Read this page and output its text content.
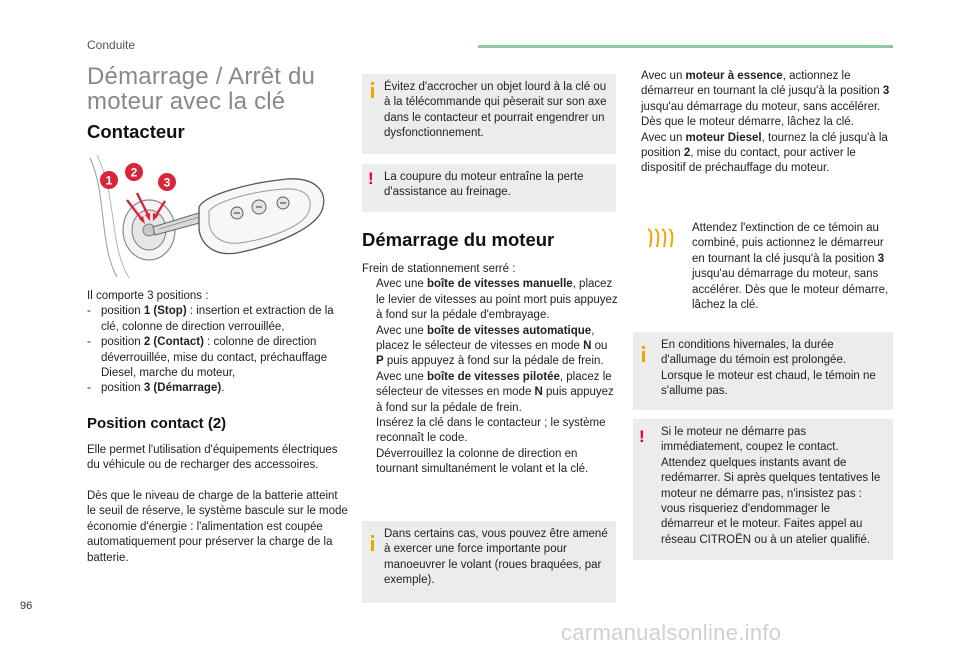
Conduite
Démarrage / Arrêt du
moteur avec la clé
Contacteur
1
2
3
Il comporte 3 positions :
- position 1 (Stop) : insertion et extraction de la clé, colonne de direction verrouillée,
- position 2 (Contact) : colonne de direction déverrouillée, mise du contact, préchauffage Diesel, marche du moteur,
- position 3 (Démarrage).
Position contact (2)
Elle permet l'utilisation d'équipements électriques du véhicule ou de recharger des accessoires.
Dès que le niveau de charge de la batterie atteint le seuil de réserve, le système bascule sur le mode économie d'énergie : l'alimentation est coupée automatiquement pour préserver la charge de la batterie.
Évitez d'accrocher un objet lourd à la clé ou à la télécommande qui pèserait sur son axe dans le contacteur et pourrait engendrer un dysfonctionnement.
! La coupure du moteur entraîne la perte d'assistance au freinage.
Démarrage du moteur
Frein de stationnement serré :
Avec une boîte de vitesses manuelle, placez le levier de vitesses au point mort puis appuyez à fond sur la pédale d'embrayage.
Avec une boîte de vitesses automatique, placez le sélecteur de vitesses en mode N ou P puis appuyez à fond sur la pédale de frein.
Avec une boîte de vitesses pilotée, placez le sélecteur de vitesses en mode N puis appuyez à fond sur la pédale de frein.
Insérez la clé dans le contacteur ; le système reconnaît le code.
Déverrouillez la colonne de direction en tournant simultanément le volant et la clé.
Dans certains cas, vous pouvez être amené à exercer une force importante pour manoeuvrer le volant (roues braquées, par exemple).
Avec un moteur à essence, actionnez le démarreur en tournant la clé jusqu'à la position 3 jusqu'au démarrage du moteur, sans accélérer. Dès que le moteur démarre, lâchez la clé.
Avec un moteur Diesel, tournez la clé jusqu'à la position 2, mise du contact, pour activer le dispositif de préchauffage du moteur.
Attendez l'extinction de ce témoin au combiné, puis actionnez le démarreur en tournant la clé jusqu'à la position 3 jusqu'au démarrage du moteur, sans accélérer. Dès que le moteur démarre, lâchez la clé.
En conditions hivernales, la durée d'allumage du témoin est prolongée. Lorsque le moteur est chaud, le témoin ne s'allume pas.
! Si le moteur ne démarre pas immédiatement, coupez le contact. Attendez quelques instants avant de redémarrer. Si après quelques tentatives le moteur ne démarre pas, n'insistez pas : vous risqueriez d'endommager le démarreur et le moteur. Faites appel au réseau CITROËN ou à un atelier qualifié.
96
carmanualsonline.info
